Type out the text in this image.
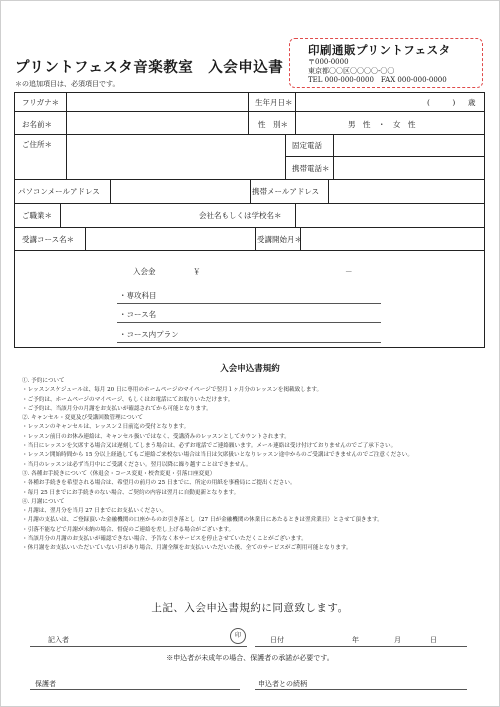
プリントフェスタ音楽教室　入会申込書
＊の追加項目は、必須項目です。
印刷通販プリントフェスタ
〒000-0000
東京都〇〇区〇〇〇〇-〇〇
TEL 000-000-0000　FAX 000-000-0000
フリガナ＊	生年月日＊	(　　　) 歳
お名前＊	性　別＊	男　性　・　女　性
ご住所＊	固定電話
携帯電話＊
パソコンメールアドレス	携帯メールアドレス
ご職業＊	会社名もしくは学校名＊
受講コース名＊	受講開始月＊
入会金	￥	－
・専攻科目
・コース名
・コース内プラン
入会申込書規約
①. 予約について
・レッスンスケジュールは、毎月 20 日に専用のホームページのマイページで翌月１ヶ月分のレッスンを掲載致します。
・ご予約は、ホームページのマイページ、もしくはお電話にてお取りいただけます。
・ご予約は、当該月分の月謝をお支払いが確認されてから可能となります。
②. キャンセル・変更及び受講回数管理について
・レッスンのキャンセルは、レッスン２日前迄の受付となります。
・レッスン前日のお休み連絡は、キャンセル扱いではなく、受講済みのレッスンとしてカウントされます。
・当日にレッスンを欠席する場合又は遅刻してしまう場合は、必ずお電話でご連絡願います。メール連絡は受け付けておりませんのでご了承下さい。
・レッスン開始時間から 15 分以上経過してもご連絡ご来校ない場合は当日は欠席扱いとなりレッスン途中からのご受講はできませんのでご注意ください。
・当月のレッスンは必ず当月中にご受講ください。翌月以降に繰り越すことはできません。
③. 各種お手続きについて（休退会・コース変更・校舎変更・引落口座変更）
・各種お手続きを希望される場合は、希望月の前月の 25 日までに、所定の用紙を事務局にご提出ください。
・毎月 25 日までにお手続きのない場合、ご契約の内容は翌月に自動更新となります。
④. 月謝について
・月謝は、翌月分を当月 27 日までにお支払いください。
・月謝の支払いは、ご登録頂いた金融機関の口座からのお引き落とし（27 日が金融機関の休業日にあたるときは翌営業日）とさせて頂きます。
・引落不能などで月謝が未納の場合、督促のご連絡を差し上げる場合がございます。
・当該月分の月謝のお支払いが確認できない場合、予告なく本サービスを停止させていただくことがございます。
・休月謝をお支払いいただいていない月があり場合、月謝全額をお支払いいただいた後、全てのサービスがご利用可能となります。
上記、入会申込書規約に同意致します。
記入者
印
日付	年	月	日
※申込者が未成年の場合、保護者の承諾が必要です。
保護者	申込者との続柄
